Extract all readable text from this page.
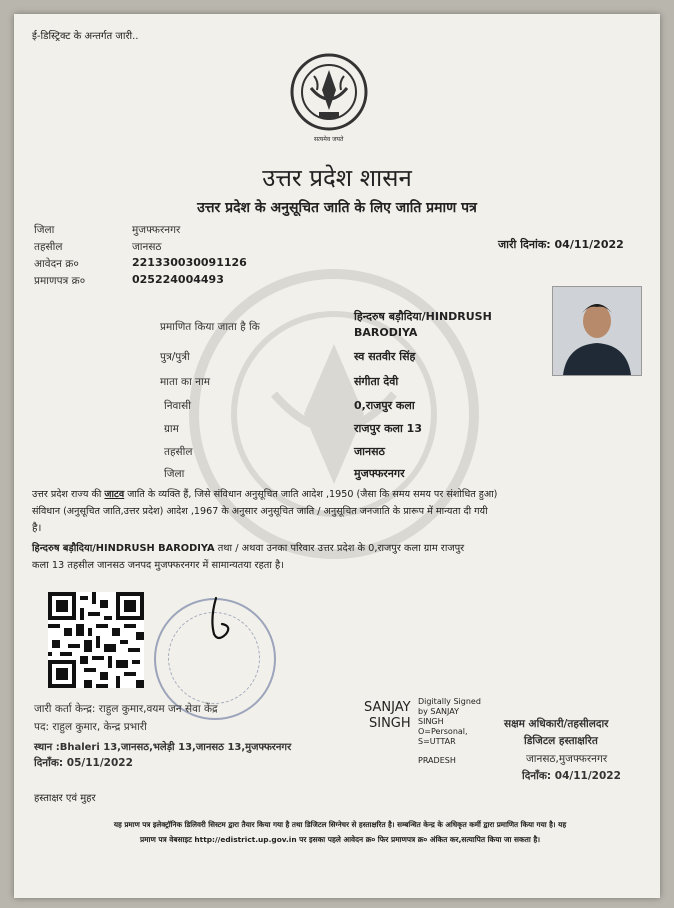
ई-डिस्ट्रिक्ट के अन्तर्गत जारी..
सत्यमेव जयते
उत्तर प्रदेश शासन
उत्तर प्रदेश के अनुसूचित जाति के लिए जाति प्रमाण पत्र
जिला	मुजफ्फरनगर
तहसील	जानसठ
आवेदन क्र०	221330030091126
प्रमाणपत्र क्र०	025224004493
जारी दिनांक: 04/11/2022
प्रमाणित किया जाता है कि
हिन्दरुष बड़ौदिया/HINDRUSH
BARODIYA
पुत्र/पुत्री	स्व सतवीर सिंह
माता का नाम	संगीता देवी
निवासी	0,राजपुर कला
ग्राम	राजपुर कला 13
तहसील	जानसठ
जिला	मुजफ्फरनगर
उत्तर प्रदेश राज्य की जाटव जाति के व्यक्ति हैं, जिसे संविधान अनुसूचित जाति आदेश ,1950 (जैसा कि समय समय पर संशोधित हुआ)
संविधान (अनुसूचित जाति,उत्तर प्रदेश) आदेश ,1967 के अनुसार अनुसूचित जाति / अनुसूचित जनजाति के प्रारूप में मान्यता दी गयी
है।
हिन्दरुष बड़ौदिया/HINDRUSH BARODIYA तथा / अथवा उनका परिवार उत्तर प्रदेश के 0,राजपुर कला ग्राम राजपुर
कला 13 तहसील जानसठ जनपद मुजफ्फरनगर में सामान्यतया रहता है।
जारी कर्ता केन्द्र: राहुल कुमार,वयम जन सेवा केंद्र
पद: राहुल कुमार, केन्द्र प्रभारी
स्थान :Bhaleri 13,जानसठ,भलेड़ी 13,जानसठ 13,मुजफ्फरनगर
दिनाँक: 05/11/2022
SANJAY
SINGH
Digitally Signed
by SANJAY
SINGH
O=Personal,
S=UTTAR
PRADESH
सक्षम अधिकारी/तहसीलदार
डिजिटल हस्ताक्षरित
जानसठ,मुजफ्फरनगर
दिनाँक: 04/11/2022
हस्ताक्षर एवं मुहर
यह प्रमाण पत्र इलेक्ट्रॉनिक डिलिवरी सिस्टम द्वारा तैयार किया गया है तथा डिजिटल सिग्नेचर से हस्ताक्षरित है। सम्बन्धित केन्द्र के अधिकृत कर्मी द्वारा प्रमाणित किया गया है। यह
प्रमाण पत्र वेबसाइट http://edistrict.up.gov.in पर इसका पहले आवेदन क्र० फिर प्रमाणपत्र क्र० अंकित कर,सत्यापित किया जा सकता है।
